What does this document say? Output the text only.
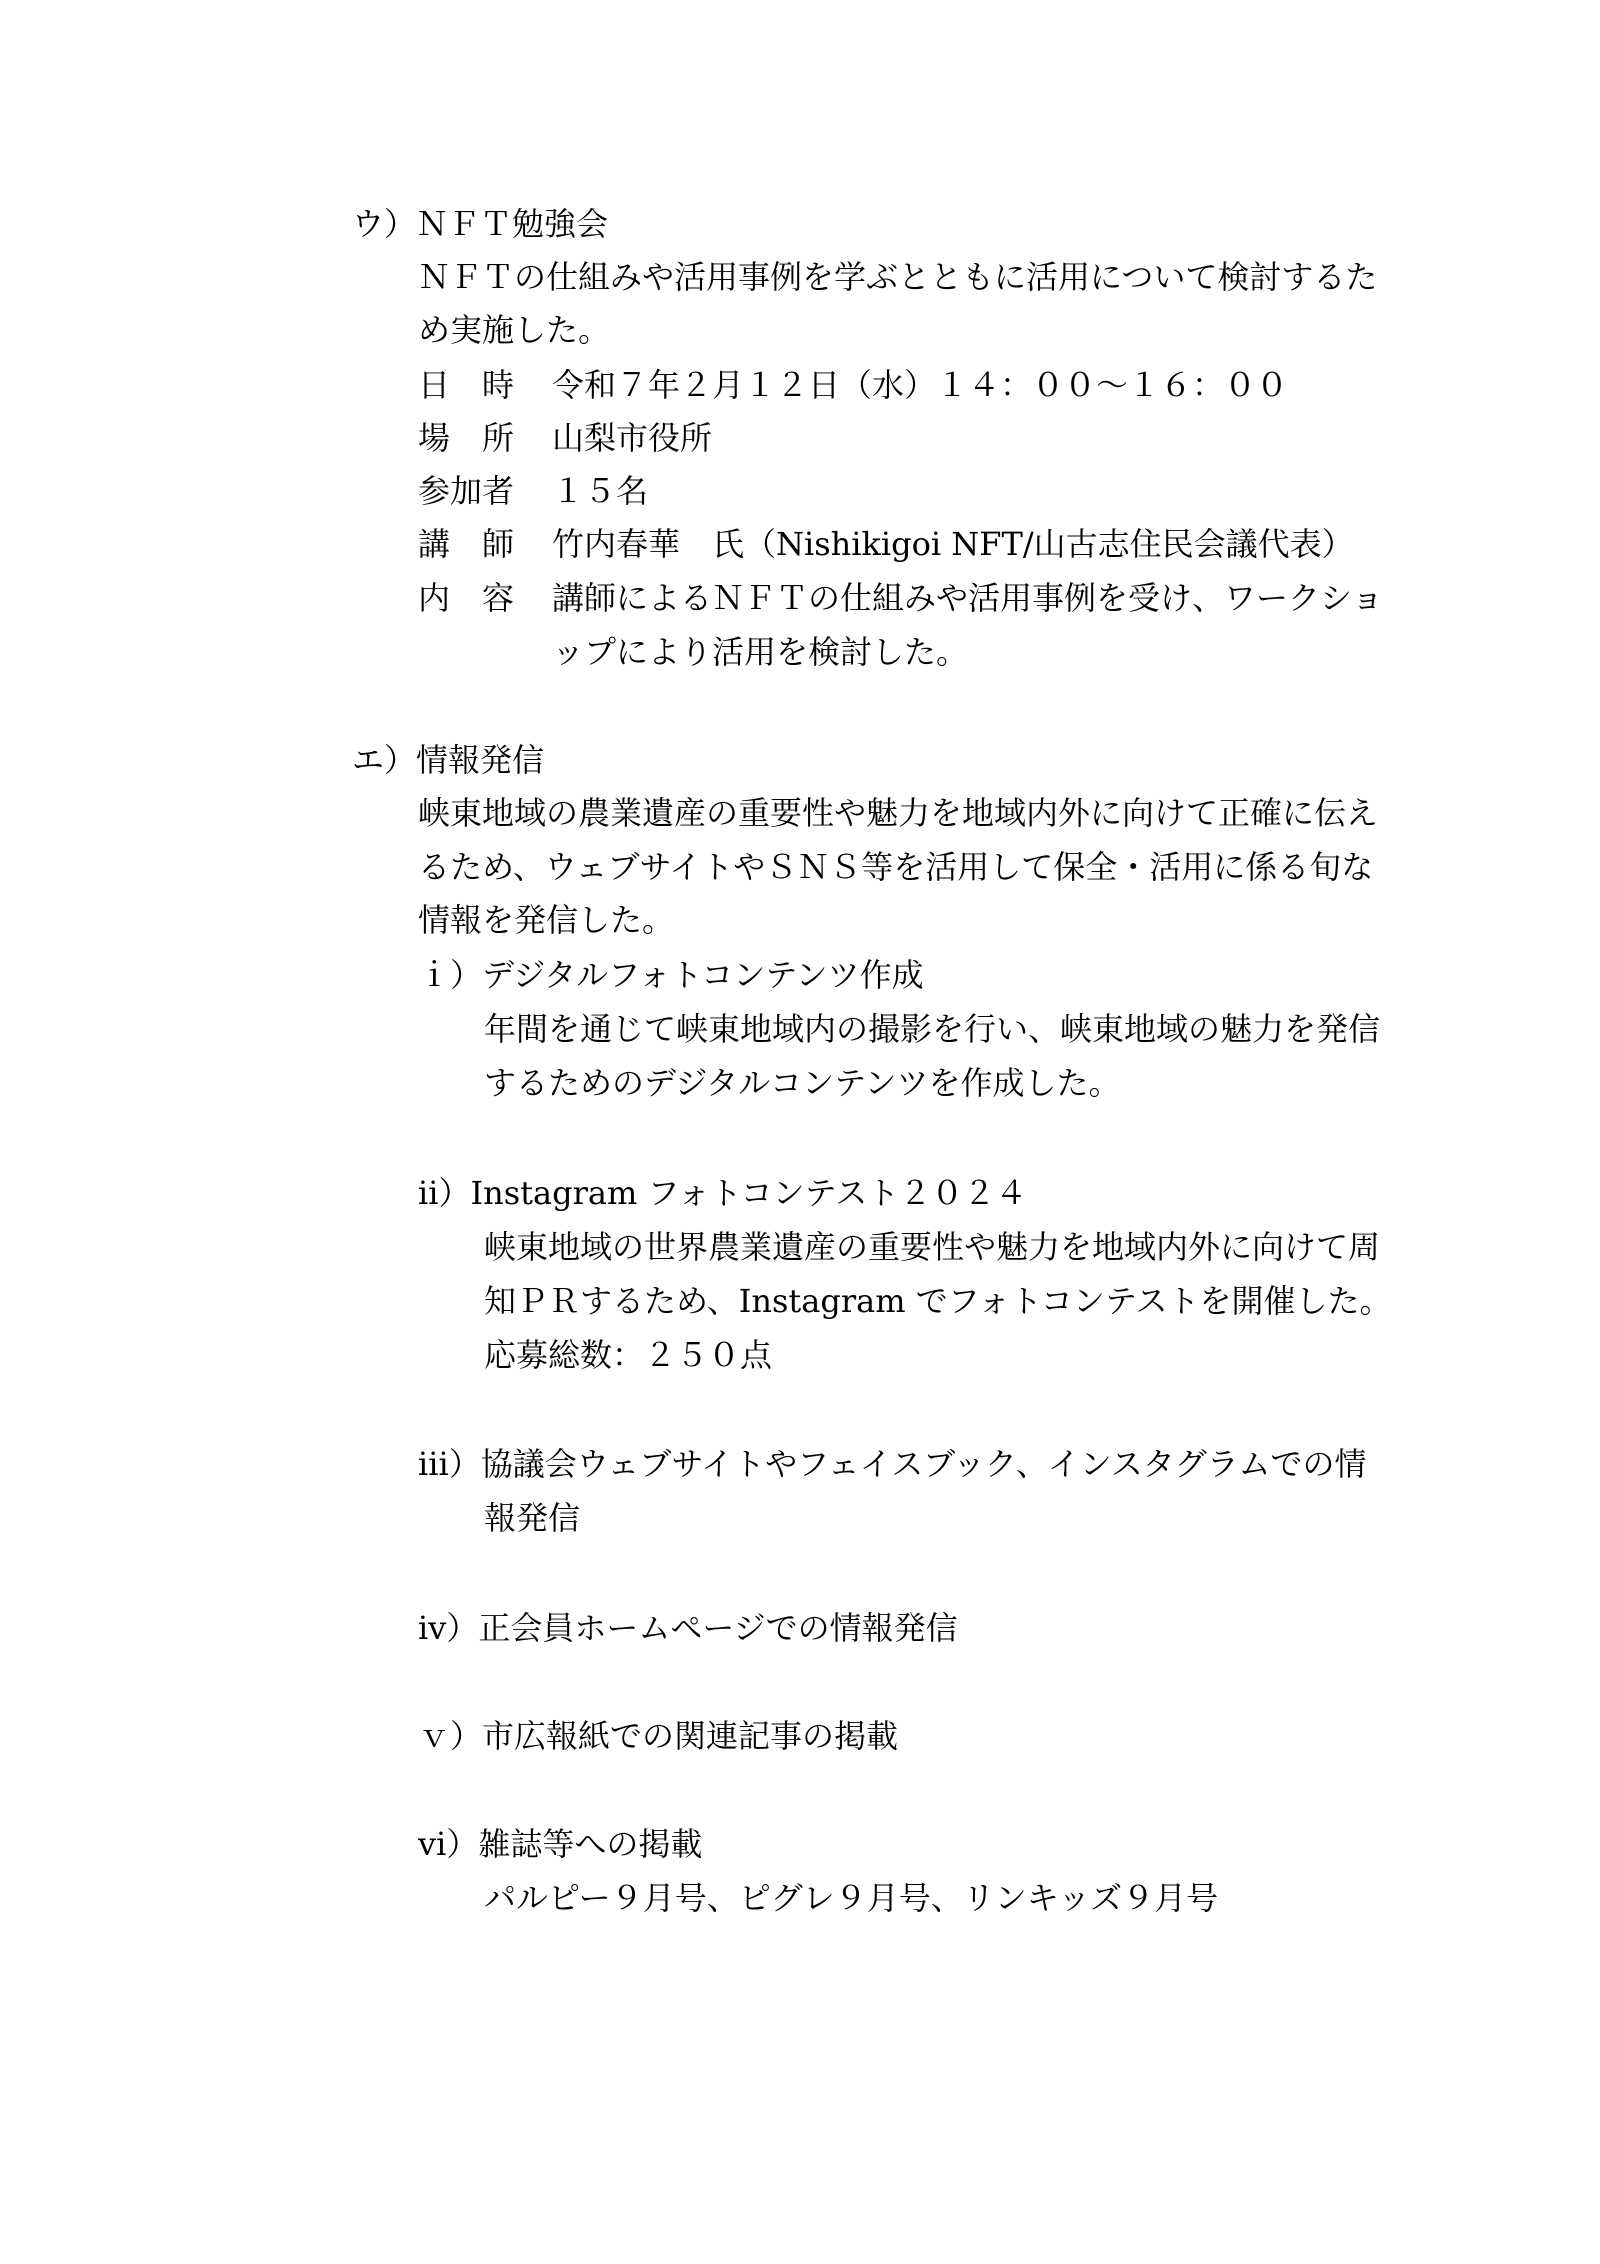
ウ）ＮＦＴ勉強会
ＮＦＴの仕組みや活用事例を学ぶとともに活用について検討するた
め実施した。
日　時 令和７年２月１２日（水）１４：００～１６：００
場　所 山梨市役所
参加者 １５名
講　師 竹内春華　氏（Nishikigoi NFT/山古志住民会議代表）
内　容 講師によるＮＦＴの仕組みや活用事例を受け、ワークショ
ップにより活用を検討した。
エ）情報発信
峡東地域の農業遺産の重要性や魅力を地域内外に向けて正確に伝え
るため、ウェブサイトやＳＮＳ等を活用して保全・活用に係る旬な
情報を発信した。
ｉ）デジタルフォトコンテンツ作成
年間を通じて峡東地域内の撮影を行い、峡東地域の魅力を発信
するためのデジタルコンテンツを作成した。
ⅱ）Instagram フォトコンテスト２０２４
峡東地域の世界農業遺産の重要性や魅力を地域内外に向けて周
知ＰＲするため、Instagram でフォトコンテストを開催した。
応募総数：２５０点
ⅲ）協議会ウェブサイトやフェイスブック、インスタグラムでの情
報発信
ⅳ）正会員ホームページでの情報発信
ｖ）市広報紙での関連記事の掲載
ⅵ）雑誌等への掲載
パルピー９月号、ピグレ９月号、リンキッズ９月号
